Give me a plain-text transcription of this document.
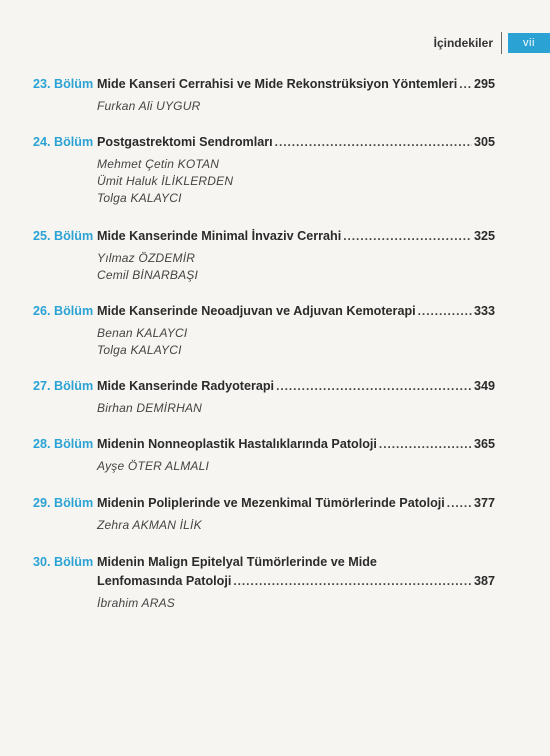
İçindekiler	vii
23. Bölüm Mide Kanseri Cerrahisi ve Mide Rekonstrüksiyon Yöntemleri . . . 295
Furkan Ali UYGUR
24. Bölüm Postgastrektomi Sendromları . . .	305
Mehmet Çetin KOTAN
Ümit Haluk İLİKLERDEN
Tolga KALAYCI
25. Bölüm Mide Kanserinde Minimal İnvaziv Cerrahi . . .	325
Yılmaz ÖZDEMİR
Cemil BİNARBAŞI
26. Bölüm Mide Kanserinde Neoadjuvan ve Adjuvan Kemoterapi . . .	333
Benan KALAYCI
Tolga KALAYCI
27. Bölüm Mide Kanserinde Radyoterapi . . .	349
Birhan DEMİRHAN
28. Bölüm Midenin Nonneoplastik Hastalıklarında Patoloji . . .	365
Ayşe ÖTER ALMALI
29. Bölüm Midenin Poliplerinde ve Mezenkimal Tümörlerinde Patoloji . . . 377
Zehra AKMAN İLİK
30. Bölüm Midenin Malign Epitelyal Tümörlerinde ve Mide
Lenfomasında Patoloji . . .	387
İbrahim ARAS
